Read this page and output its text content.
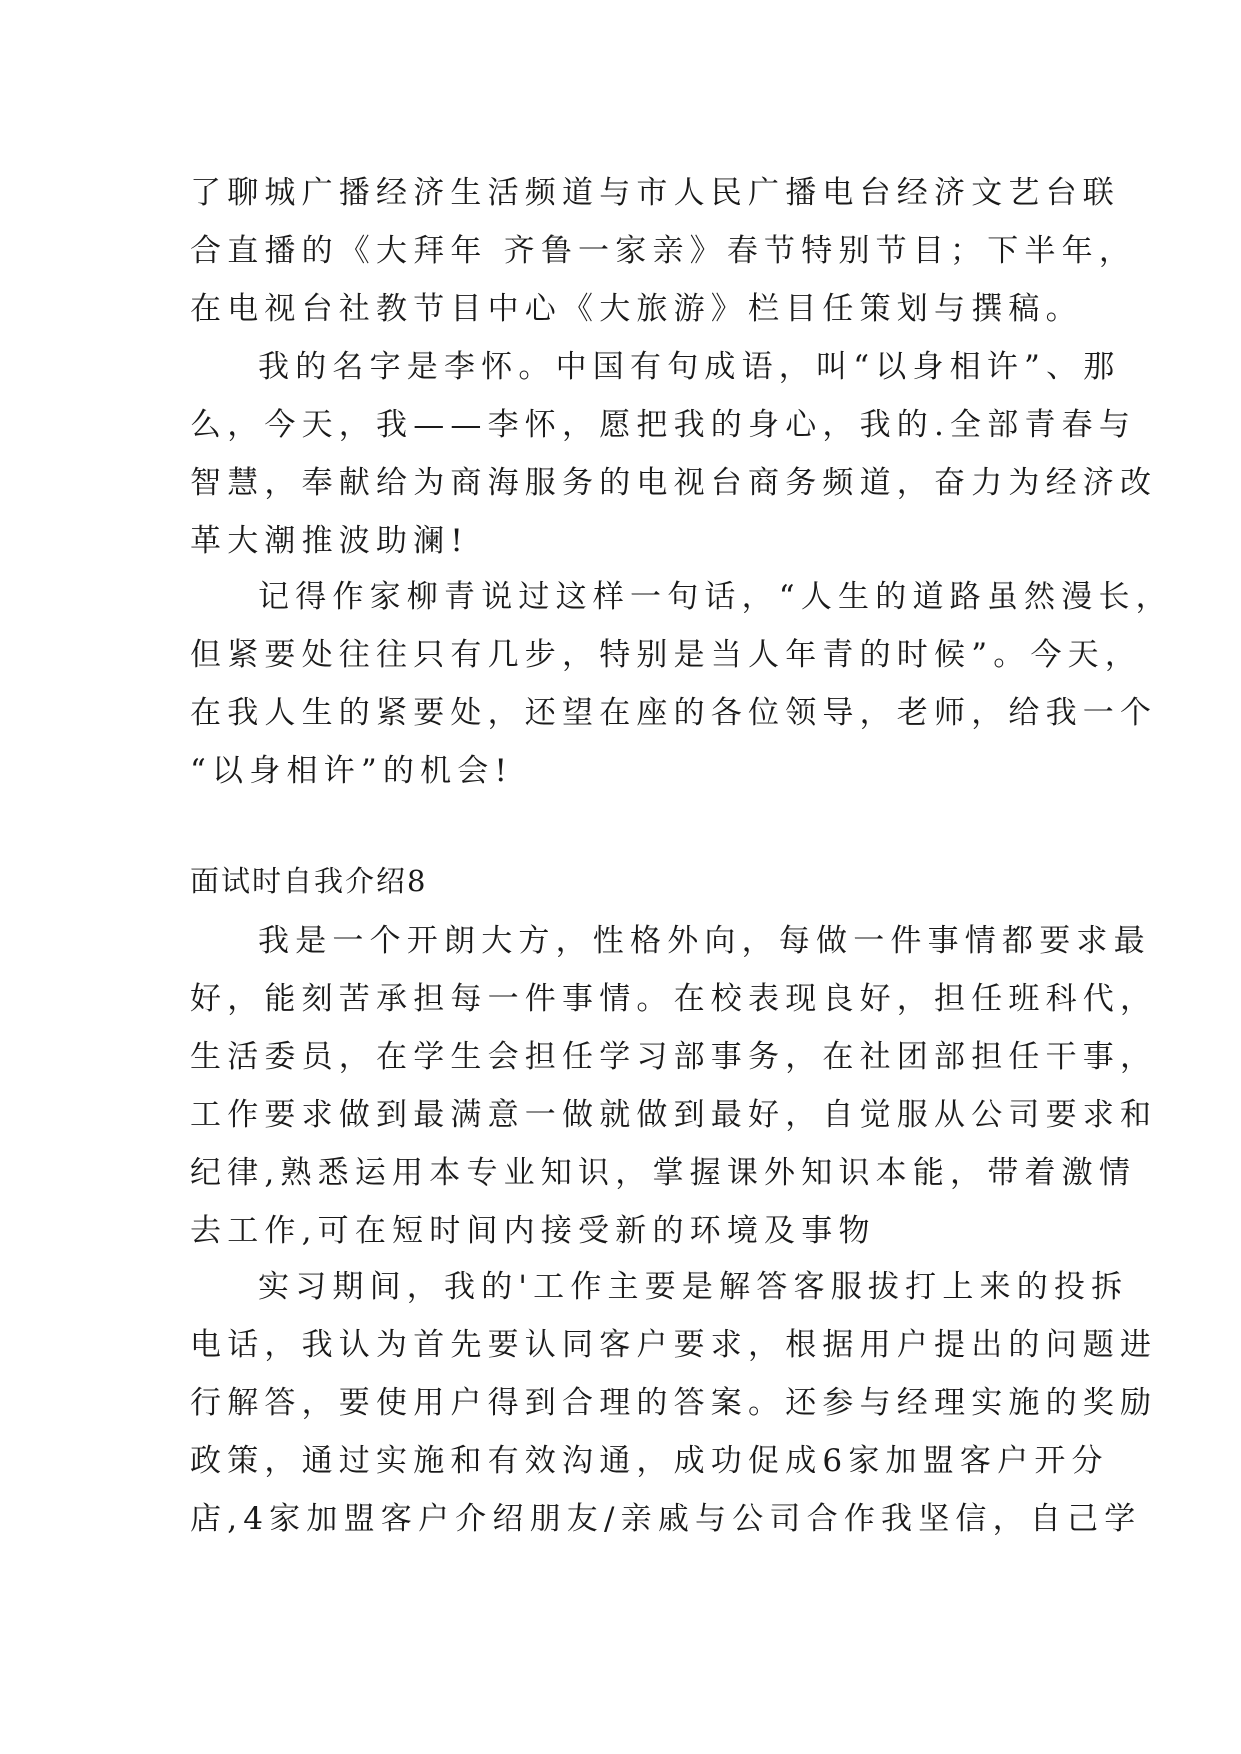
了聊城广播经济生活频道与市人民广播电台经济文艺台联
合直播的《大拜年 齐鲁一家亲》春节特别节目；下半年，
在电视台社教节目中心《大旅游》栏目任策划与撰稿。
我的名字是李怀。中国有句成语，叫“以身相许”、那
么，今天，我——李怀，愿把我的身心，我的.全部青春与
智慧，奉献给为商海服务的电视台商务频道，奋力为经济改
革大潮推波助澜!
记得作家柳青说过这样一句话，“人生的道路虽然漫长，
但紧要处往往只有几步，特别是当人年青的时候”。今天，
在我人生的紧要处，还望在座的各位领导，老师，给我一个
“以身相许”的机会!
面试时自我介绍8
我是一个开朗大方，性格外向，每做一件事情都要求最
好，能刻苦承担每一件事情。在校表现良好，担任班科代，
生活委员，在学生会担任学习部事务，在社团部担任干事，
工作要求做到最满意一做就做到最好，自觉服从公司要求和
纪律,熟悉运用本专业知识，掌握课外知识本能，带着激情
去工作,可在短时间内接受新的环境及事物
实习期间，我的'工作主要是解答客服拔打上来的投拆
电话，我认为首先要认同客户要求，根据用户提出的问题进
行解答，要使用户得到合理的答案。还参与经理实施的奖励
政策，通过实施和有效沟通，成功促成6家加盟客户开分
店,4家加盟客户介绍朋友/亲戚与公司合作我坚信，自己学
